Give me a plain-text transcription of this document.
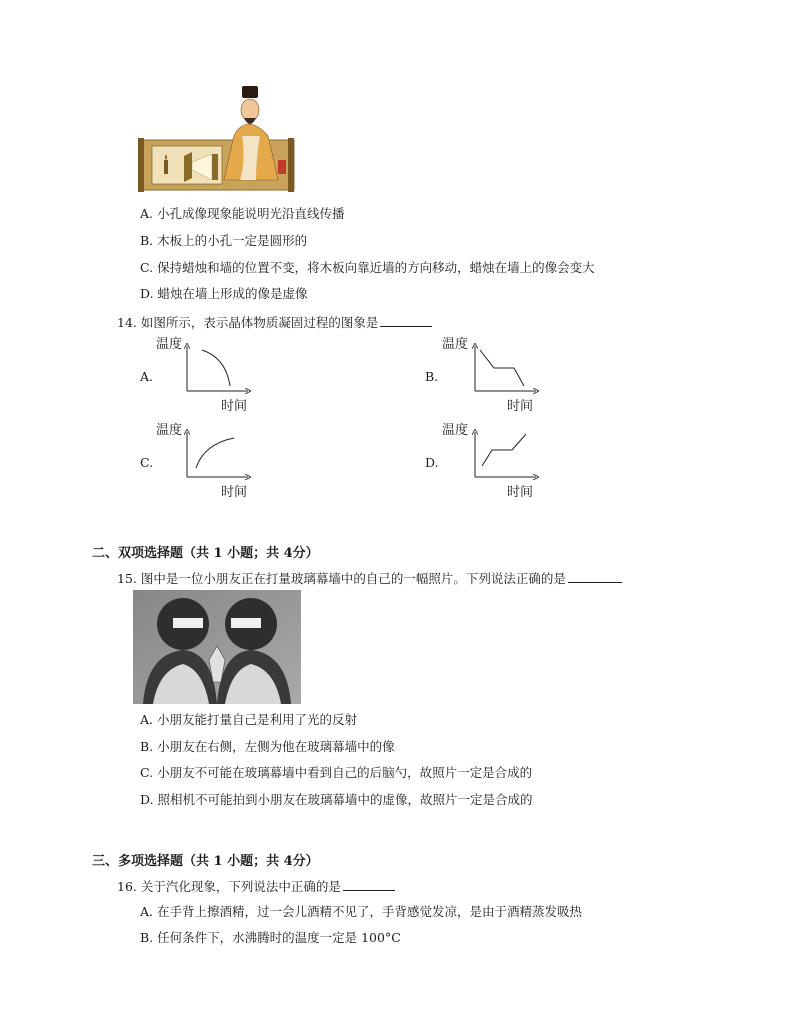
A. 小孔成像现象能说明光沿直线传播
B. 木板上的小孔一定是圆形的
C. 保持蜡烛和墙的位置不变，将木板向靠近墙的方向移动，蜡烛在墙上的像会变大
D. 蜡烛在墙上形成的像是虚像
14. 如图所示，表示晶体物质凝固过程的图象是
A.
温度
时间
B.
温度
时间
C.
温度
时间
D.
温度
时间
二、双项选择题（共 1 小题；共 4分）
15. 图中是一位小朋友正在打量玻璃幕墙中的自己的一幅照片。下列说法正确的是
A. 小朋友能打量自己是利用了光的反射
B. 小朋友在右侧，左侧为他在玻璃幕墙中的像
C. 小朋友不可能在玻璃幕墙中看到自己的后脑勺，故照片一定是合成的
D. 照相机不可能拍到小朋友在玻璃幕墙中的虚像，故照片一定是合成的
三、多项选择题（共 1 小题；共 4分）
16. 关于汽化现象，下列说法中正确的是
A. 在手背上擦酒精，过一会儿酒精不见了，手背感觉发凉，是由于酒精蒸发吸热
B. 任何条件下，水沸腾时的温度一定是 100°C
